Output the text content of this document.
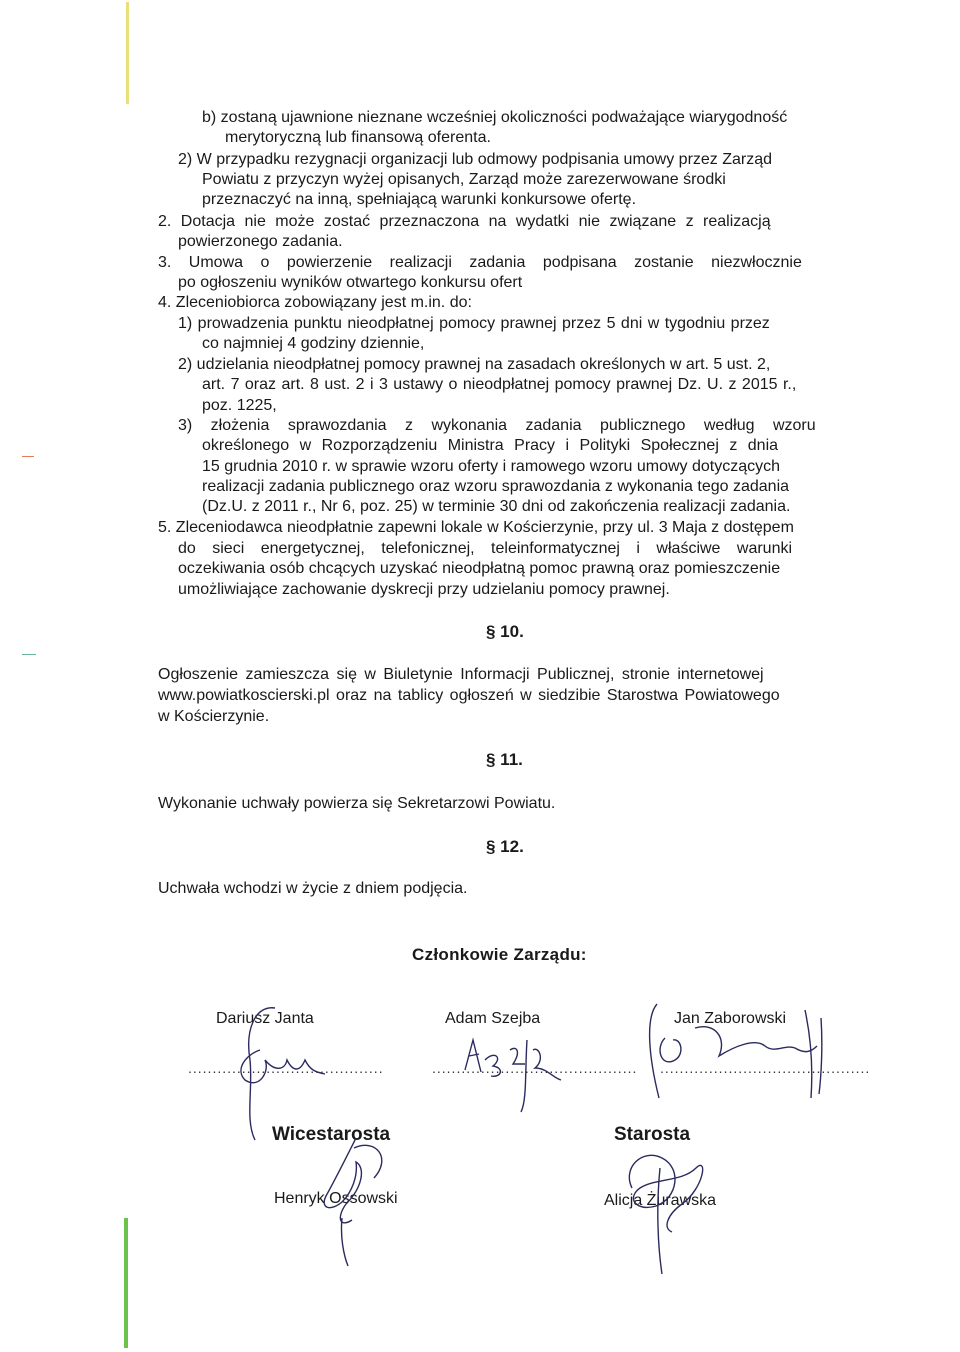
b) zostaną ujawnione nieznane wcześniej okoliczności podważające wiarygodność
merytoryczną lub finansową oferenta.
2) W przypadku rezygnacji organizacji lub odmowy podpisania umowy przez Zarząd
Powiatu z przyczyn wyżej opisanych, Zarząd może zarezerwowane środki
przeznaczyć na inną, spełniającą warunki konkursowe ofertę.
2. Dotacja nie może zostać przeznaczona na wydatki nie związane z realizacją
powierzonego zadania.
3. Umowa o powierzenie realizacji zadania podpisana zostanie niezwłocznie
po ogłoszeniu wyników otwartego konkursu ofert
4. Zleceniobiorca zobowiązany jest m.in. do:
1) prowadzenia punktu nieodpłatnej pomocy prawnej przez 5 dni w tygodniu przez
co najmniej 4 godziny dziennie,
2) udzielania nieodpłatnej pomocy prawnej na zasadach określonych w art. 5 ust. 2,
art. 7 oraz art. 8 ust. 2 i 3 ustawy o nieodpłatnej pomocy prawnej Dz. U. z 2015 r.,
poz. 1225,
3) złożenia sprawozdania z wykonania zadania publicznego według wzoru
określonego w Rozporządzeniu Ministra Pracy i Polityki Społecznej z dnia
15 grudnia 2010 r. w sprawie wzoru oferty i ramowego wzoru umowy dotyczących
realizacji zadania publicznego oraz wzoru sprawozdania z wykonania tego zadania
(Dz.U. z 2011 r., Nr 6, poz. 25) w terminie 30 dni od zakończenia realizacji zadania.
5. Zleceniodawca nieodpłatnie zapewni lokale w Kościerzynie, przy ul. 3 Maja z dostępem
do sieci energetycznej, telefonicznej, teleinformatycznej i właściwe warunki
oczekiwania osób chcących uzyskać nieodpłatną pomoc prawną oraz pomieszczenie
umożliwiające zachowanie dyskrecji przy udzielaniu pomocy prawnej.
§ 10.
Ogłoszenie zamieszcza się w Biuletynie Informacji Publicznej, stronie internetowej
www.powiatkoscierski.pl oraz na tablicy ogłoszeń w siedzibie Starostwa Powiatowego
w Kościerzynie.
§ 11.
Wykonanie uchwały powierza się Sekretarzowi Powiatu.
§ 12.
Uchwała wchodzi w życie z dniem podjęcia.
Członkowie Zarządu:
Dariusz Janta
........................................
Adam Szejba
..........................................
Jan Zaborowski
...........................................
Wicestarosta
Henryk Ossowski
Starosta
Alicja Żurawska
